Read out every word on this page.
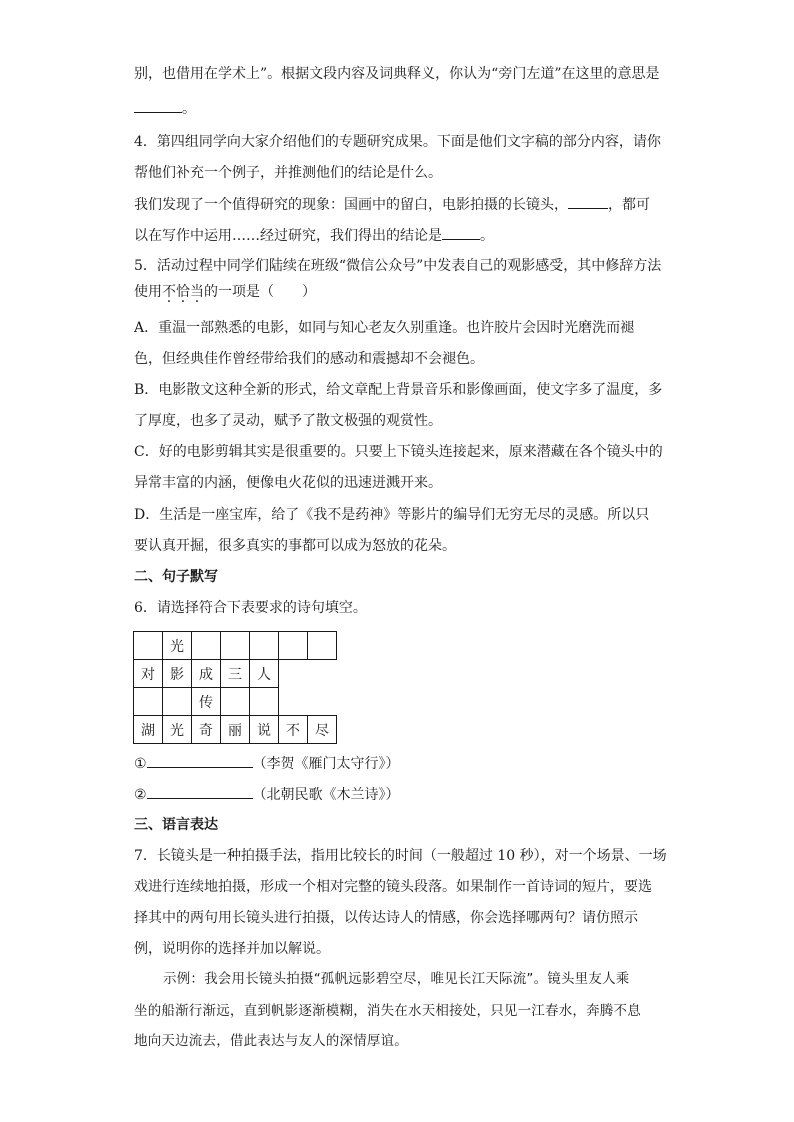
别，也借用在学术上”。根据文段内容及词典释义，你认为“旁门左道”在这里的意思是
。
4．第四组同学向大家介绍他们的专题研究成果。下面是他们文字稿的部分内容，请你
帮他们补充一个例子，并推测他们的结论是什么。
我们发现了一个值得研究的现象：国画中的留白，电影拍摄的长镜头，	，都可
以在写作中运用……经过研究，我们得出的结论是	。
5．活动过程中同学们陆续在班级“微信公众号”中发表自己的观影感受，其中修辞方法
使用不恰当的一项是（　　）
A．重温一部熟悉的电影，如同与知心老友久别重逢。也许胶片会因时光磨洗而褪
色，但经典佳作曾经带给我们的感动和震撼却不会褪色。
B．电影散文这种全新的形式，给文章配上背景音乐和影像画面，使文字多了温度，多
了厚度，也多了灵动，赋予了散文极强的观赏性。
C．好的电影剪辑其实是很重要的。只要上下镜头连接起来，原来潜藏在各个镜头中的
异常丰富的内涵，便像电火花似的迅速迸溅开来。
D．生活是一座宝库，给了《我不是药神》等影片的编导们无穷无尽的灵感。所以只
要认真开掘，很多真实的事都可以成为怒放的花朵。
二、句子默写
6．请选择符合下表要求的诗句填空。
	光					
对	影	成	三	人		
		传				
湖	光	奇	丽	说	不	尽
①	（李贺《雁门太守行》）
②	（北朝民歌《木兰诗》）
三、语言表达
7．长镜头是一种拍摄手法，指用比较长的时间（一般超过 10 秒），对一个场景、一场
戏进行连续地拍摄，形成一个相对完整的镜头段落。如果制作一首诗词的短片，要选
择其中的两句用长镜头进行拍摄，以传达诗人的情感，你会选择哪两句？请仿照示
例，说明你的选择并加以解说。
示例：我会用长镜头拍摄“孤帆远影碧空尽，唯见长江天际流”。镜头里友人乘
坐的船渐行渐远，直到帆影逐渐模糊，消失在水天相接处，只见一江春水，奔腾不息
地向天边流去，借此表达与友人的深情厚谊。
